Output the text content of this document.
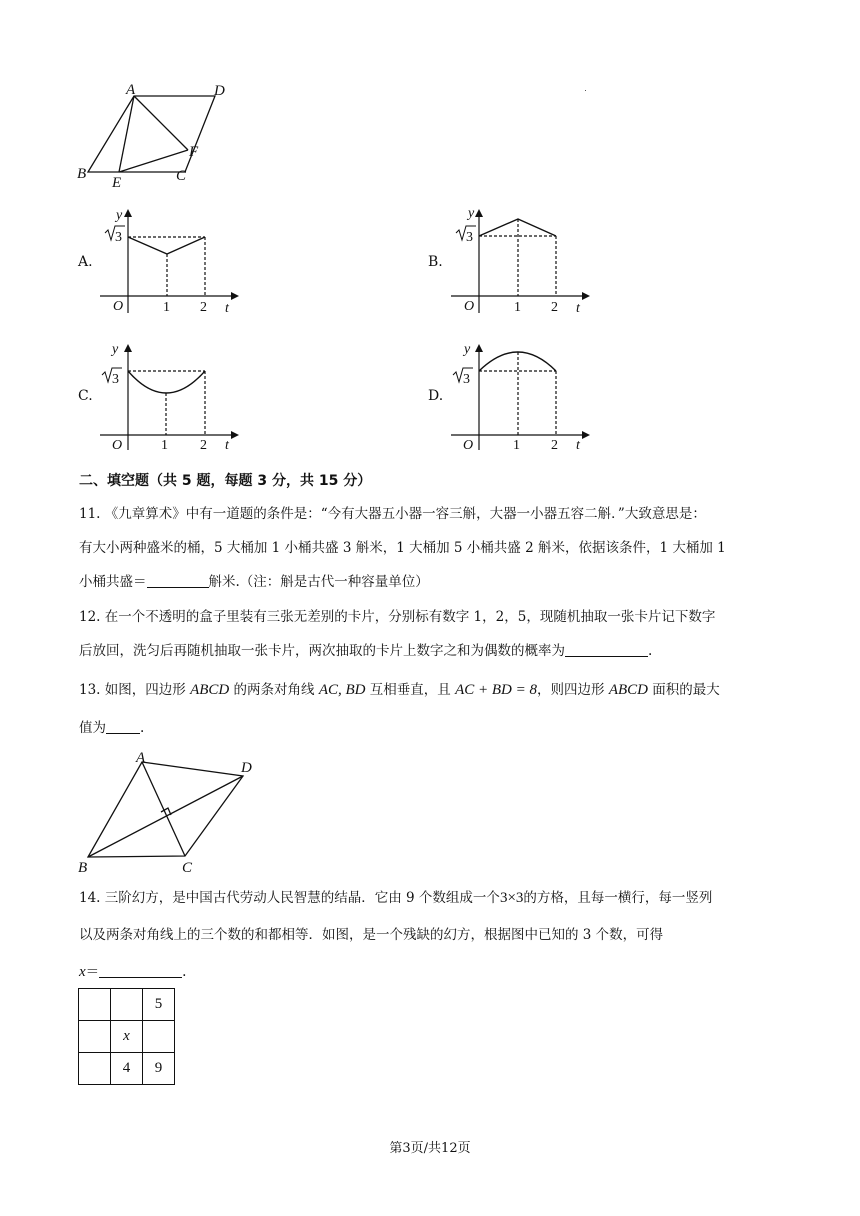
A	D
B
E	C
F
A.
y
3
O	1 2 t
B.
y
3
O	1 2 t
C.
y
3
O	1 2 t
D.
y
3
O	1 2 t
二、填空题（共 5 题，每题 3 分，共 15 分）
11. 《九章算术》中有一道题的条件是：“今有大器五小器一容三斛，大器一小器五容二斛．”大致意思是：
有大小两种盛米的桶，5 大桶加 1 小桶共盛 3 斛米，1 大桶加 5 小桶共盛 2 斛米，依据该条件，1 大桶加 1
小桶共盛＝	斛米.（注：斛是古代一种容量单位）
12. 在一个不透明的盒子里装有三张无差别的卡片，分别标有数字 1，2，5，现随机抽取一张卡片记下数字
后放回，洗匀后再随机抽取一张卡片，两次抽取的卡片上数字之和为偶数的概率为	.
13. 如图，四边形 ABCD 的两条对角线 AC, BD 互相垂直，且 AC + BD = 8，则四边形 ABCD 面积的最大
值为	.
A
D
B	C
14. 三阶幻方，是中国古代劳动人民智慧的结晶．它由 9 个数组成一个3×3的方格，且每一横行，每一竖列
以及两条对角线上的三个数的和都相等．如图，是一个残缺的幻方，根据图中已知的 3 个数，可得
x＝	.
		5
	x	
	4	9
第3页/共12页
